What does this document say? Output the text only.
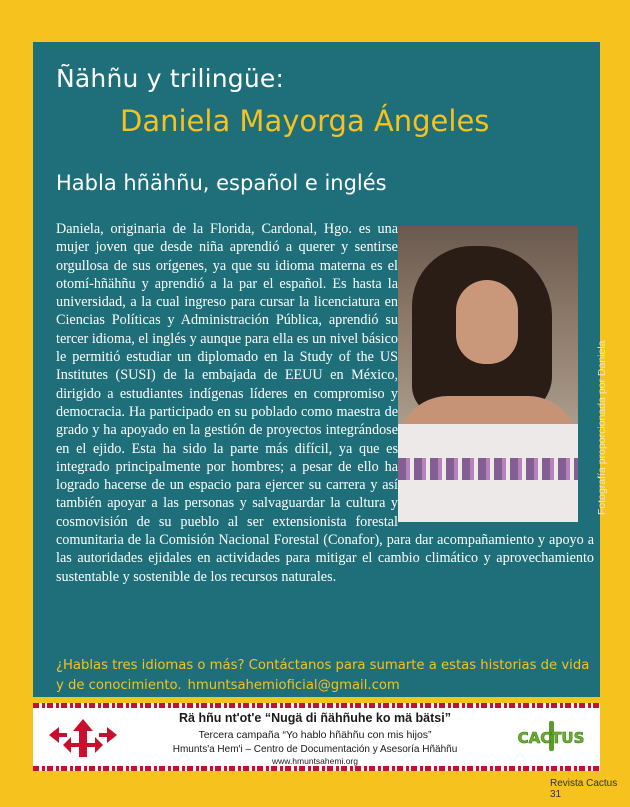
Ñähñu y trilingüe:
Daniela Mayorga Ángeles
Habla hñähñu, español e inglés

Daniela, originaria de la Florida, Cardonal, Hgo. es una mujer joven que desde niña aprendió a querer y sentirse orgullosa de sus orígenes, ya que su idioma materna es el otomí-hñähñu y aprendió a la par el español. Es hasta la universidad, a la cual ingreso para cursar la licenciatura en Ciencias Políticas y Administración Pública, aprendió su tercer idioma, el inglés y aunque para ella es un nivel básico le permitió estudiar un diplomado en la Study of the US Institutes (SUSI) de la embajada de EEUU en México, dirigido a estudiantes indígenas líderes en compromiso y democracia. Ha participado en su poblado como maestra de grado y ha apoyado en la gestión de proyectos integrándose en el ejido. Esta ha sido la parte más difícil, ya que es integrado principalmente por hombres; a pesar de ello ha logrado hacerse de un espacio para ejercer su carrera y así también apoyar a las personas y salvaguardar la cultura y cosmovisión de su pueblo al ser extensionista forestal comunitaria de la Comisión Nacional Forestal (Conafor), para dar acompañamiento y apoyo a las autoridades ejidales en actividades para mitigar el cambio climático y aprovechamiento sustentable y sostenible de los recursos naturales.

Fotografía proporcionada por Daniela

¿Hablas tres idiomas o más? Contáctanos para sumarte a estas historias de vida y de conocimiento. hmuntsahemioficial@gmail.com

Rä hñu nt'ot'e “Nugä di ñähñuhe ko mä bätsi”
Tercera campaña “Yo hablo hñähñu con mis hijos”
Hmunts'a Hem'i – Centro de Documentación y Asesoría Hñähñu
www.hmuntsahemi.org
CACTUS
Revista Cactus 31
